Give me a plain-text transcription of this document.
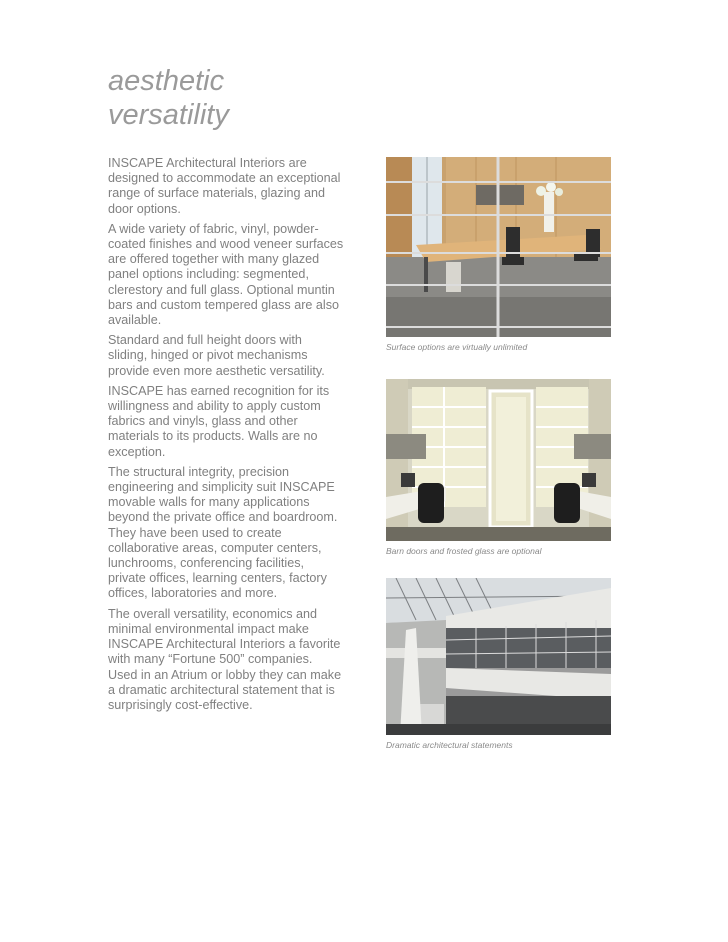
aesthetic
versatility

INSCAPE Architectural Interiors are designed to accommodate an exceptional range of surface materials, glazing and door options.

A wide variety of fabric, vinyl, powder-coated finishes and wood veneer surfaces are offered together with many glazed panel options including: segmented, clerestory and full glass. Optional muntin bars and custom tempered glass are also available.

Standard and full height doors with sliding, hinged or pivot mechanisms provide even more aesthetic versatility.

INSCAPE has earned recognition for its willingness and ability to apply custom fabrics and vinyls, glass and other materials to its products. Walls are no exception.

The structural integrity, precision engineering and simplicity suit INSCAPE movable walls for many applications beyond the private office and boardroom. They have been used to create collaborative areas, computer centers, lunchrooms, conferencing facilities, private offices, learning centers, factory offices, laboratories and more.

The overall versatility, economics and minimal environmental impact make INSCAPE Architectural Interiors a favorite with many “Fortune 500” companies. Used in an Atrium or lobby they can make a dramatic architectural statement that is surprisingly cost-effective.

Surface options are virtually unlimited
Barn doors and frosted glass are optional
Dramatic architectural statements
